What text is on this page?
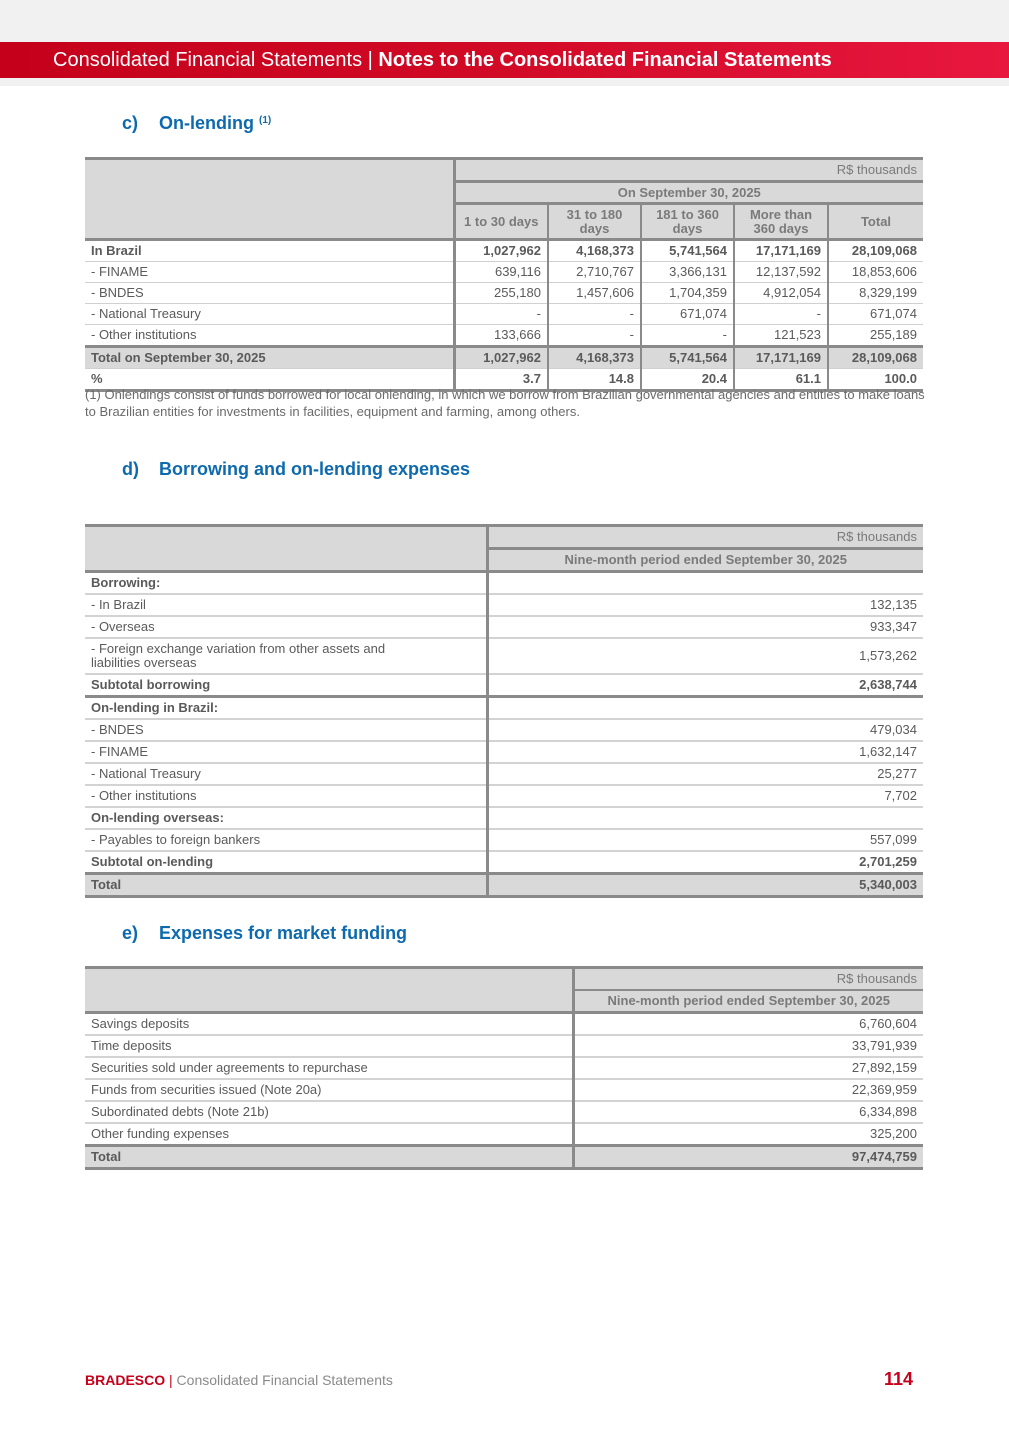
Consolidated Financial Statements | Notes to the Consolidated Financial Statements
c) On-lending $^{(1)}$
	R$ thousands				
	On September 30, 2025				
	1 to 30 days	31 to 180 days	181 to 360 days	More than 360 days	Total
In Brazil	1,027,962	4,168,373	5,741,564	17,171,169	28,109,068
- FINAME	639,116	2,710,767	3,366,131	12,137,592	18,853,606
- BNDES	255,180	1,457,606	1,704,359	4,912,054	8,329,199
- National Treasury	-	-	671,074	-	671,074
- Other institutions	133,666	-	-	121,523	255,189
Total on September 30, 2025	1,027,962	4,168,373	5,741,564	17,171,169	28,109,068
%	3.7	14.8	20.4	61.1	100.0
(1) Onlendings consist of funds borrowed for local onlending, in which we borrow from Brazilian governmental agencies and entities to make loans to Brazilian entities for investments in facilities, equipment and farming, among others.
d) Borrowing and on-lending expenses
	R$ thousands
	Nine-month period ended September 30, 2025
Borrowing:	
- In Brazil	132,135
- Overseas	933,347
- Foreign exchange variation from other assets and liabilities overseas	1,573,262
Subtotal borrowing	2,638,744
On-lending in Brazil:	
- BNDES	479,034
- FINAME	1,632,147
- National Treasury	25,277
- Other institutions	7,702
On-lending overseas:	
- Payables to foreign bankers	557,099
Subtotal on-lending	2,701,259
Total	5,340,003
e) Expenses for market funding
	R$ thousands
	Nine-month period ended September 30, 2025
Savings deposits	6,760,604
Time deposits	33,791,939
Securities sold under agreements to repurchase	27,892,159
Funds from securities issued (Note 20a)	22,369,959
Subordinated debts (Note 21b)	6,334,898
Other funding expenses	325,200
Total	97,474,759
BRADESCO | Consolidated Financial Statements	114
